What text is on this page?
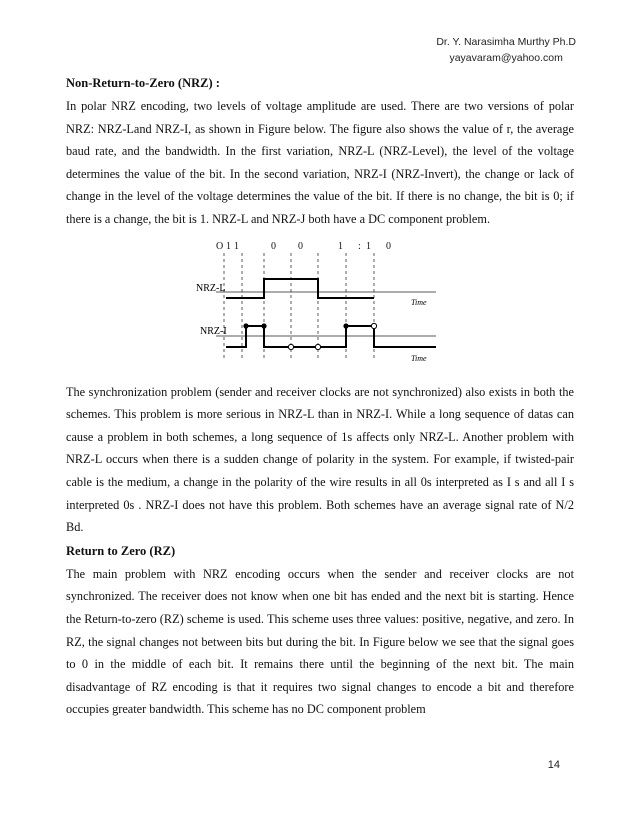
Dr. Y. Narasimha Murthy Ph.D
yayavaram@yahoo.com
Non-Return-to-Zero (NRZ) :

In polar NRZ encoding, two levels of voltage amplitude are used. There are two versions of polar NRZ: NRZ-Land NRZ-I, as shown in Figure below. The figure also shows the value of r, the average baud rate, and the bandwidth. In the first variation, NRZ-L (NRZ-Level), the level of the voltage determines the value of the bit. In the second variation, NRZ-I (NRZ-Invert), the change or lack of change in the level of the voltage determines the value of the bit. If there is no change, the bit is 0; if there is a change, the bit is 1. NRZ-L and NRZ-J both have a DC component problem.

O 1 1	0 0	1 : 1 0
NRZ-L
Time
NRZ-I
Time

The synchronization problem (sender and receiver clocks are not synchronized) also exists in both the schemes. This problem is more serious in NRZ-L than in NRZ-I. While a long sequence of datas can cause a problem in both schemes, a long sequence of 1s affects only NRZ-L. Another problem with NRZ-L occurs when there is a sudden change of polarity in the system. For example, if twisted-pair cable is the medium, a change in the polarity of the wire results in all 0s interpreted as I s and all I s interpreted 0s . NRZ-I does not have this problem. Both schemes have an average signal rate of N/2 Bd.

Return to Zero (RZ)

The main problem with NRZ encoding occurs when the sender and receiver clocks are not synchronized. The receiver does not know when one bit has ended and the next bit is starting. Hence the Return-to-zero (RZ) scheme is used. This scheme uses three values: positive, negative, and zero. In RZ, the signal changes not between bits but during the bit. In Figure below we see that the signal goes to 0 in the middle of each bit. It remains there until the beginning of the next bit. The main disadvantage of RZ encoding is that it requires two signal changes to encode a bit and therefore occupies greater bandwidth. This scheme has no DC component problem

14
